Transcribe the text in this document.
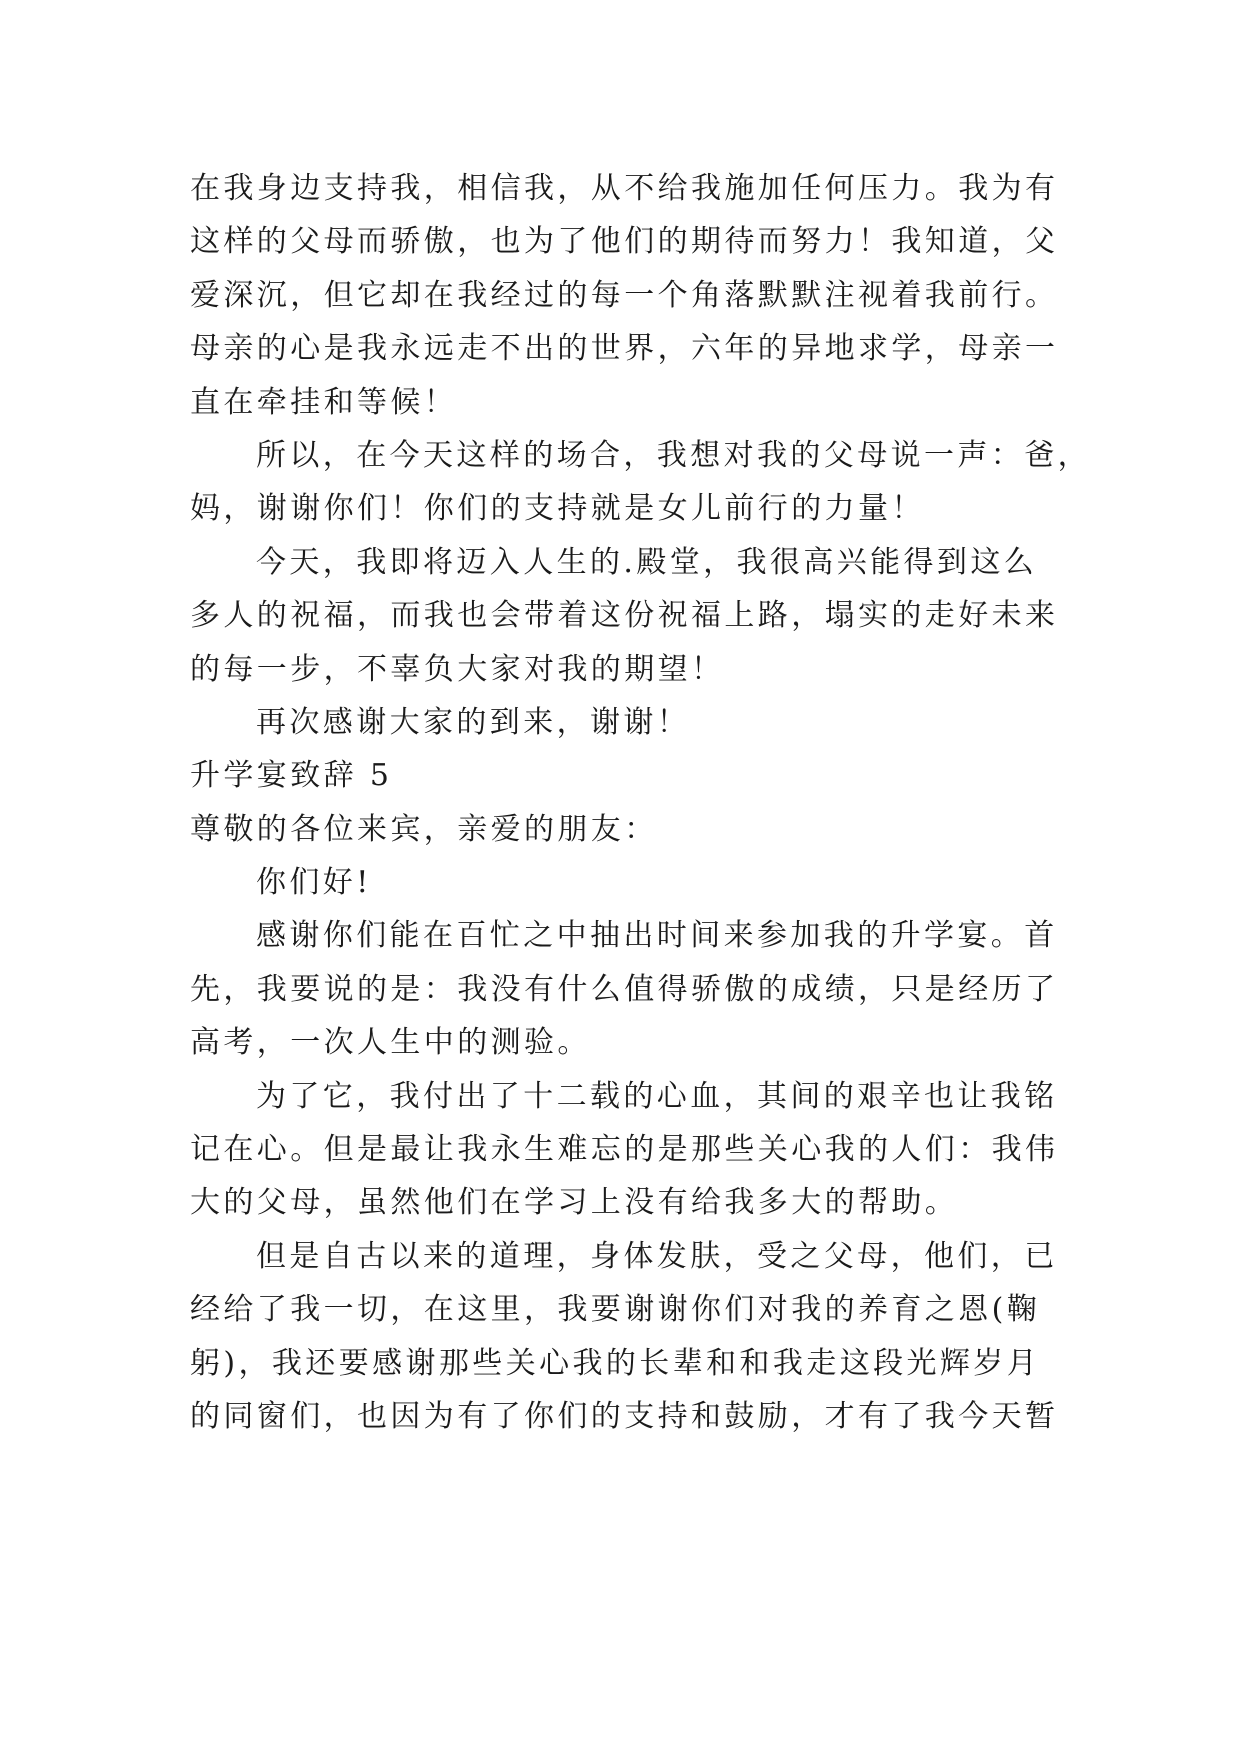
在我身边支持我，相信我，从不给我施加任何压力。我为有
这样的父母而骄傲，也为了他们的期待而努力！我知道，父
爱深沉，但它却在我经过的每一个角落默默注视着我前行。
母亲的心是我永远走不出的世界，六年的异地求学，母亲一
直在牵挂和等候！
所以，在今天这样的场合，我想对我的父母说一声：爸，
妈，谢谢你们！你们的支持就是女儿前行的力量！
今天，我即将迈入人生的.殿堂，我很高兴能得到这么
多人的祝福，而我也会带着这份祝福上路，塌实的走好未来
的每一步，不辜负大家对我的期望！
再次感谢大家的到来，谢谢！
升学宴致辞 5
尊敬的各位来宾，亲爱的朋友：
你们好!
感谢你们能在百忙之中抽出时间来参加我的升学宴。首
先，我要说的是：我没有什么值得骄傲的成绩，只是经历了
高考，一次人生中的测验。
为了它，我付出了十二载的心血，其间的艰辛也让我铭
记在心。但是最让我永生难忘的是那些关心我的人们：我伟
大的父母，虽然他们在学习上没有给我多大的帮助。
但是自古以来的道理，身体发肤，受之父母，他们，已
经给了我一切，在这里，我要谢谢你们对我的养育之恩(鞠
躬)，我还要感谢那些关心我的长辈和和我走这段光辉岁月
的同窗们，也因为有了你们的支持和鼓励，才有了我今天暂
